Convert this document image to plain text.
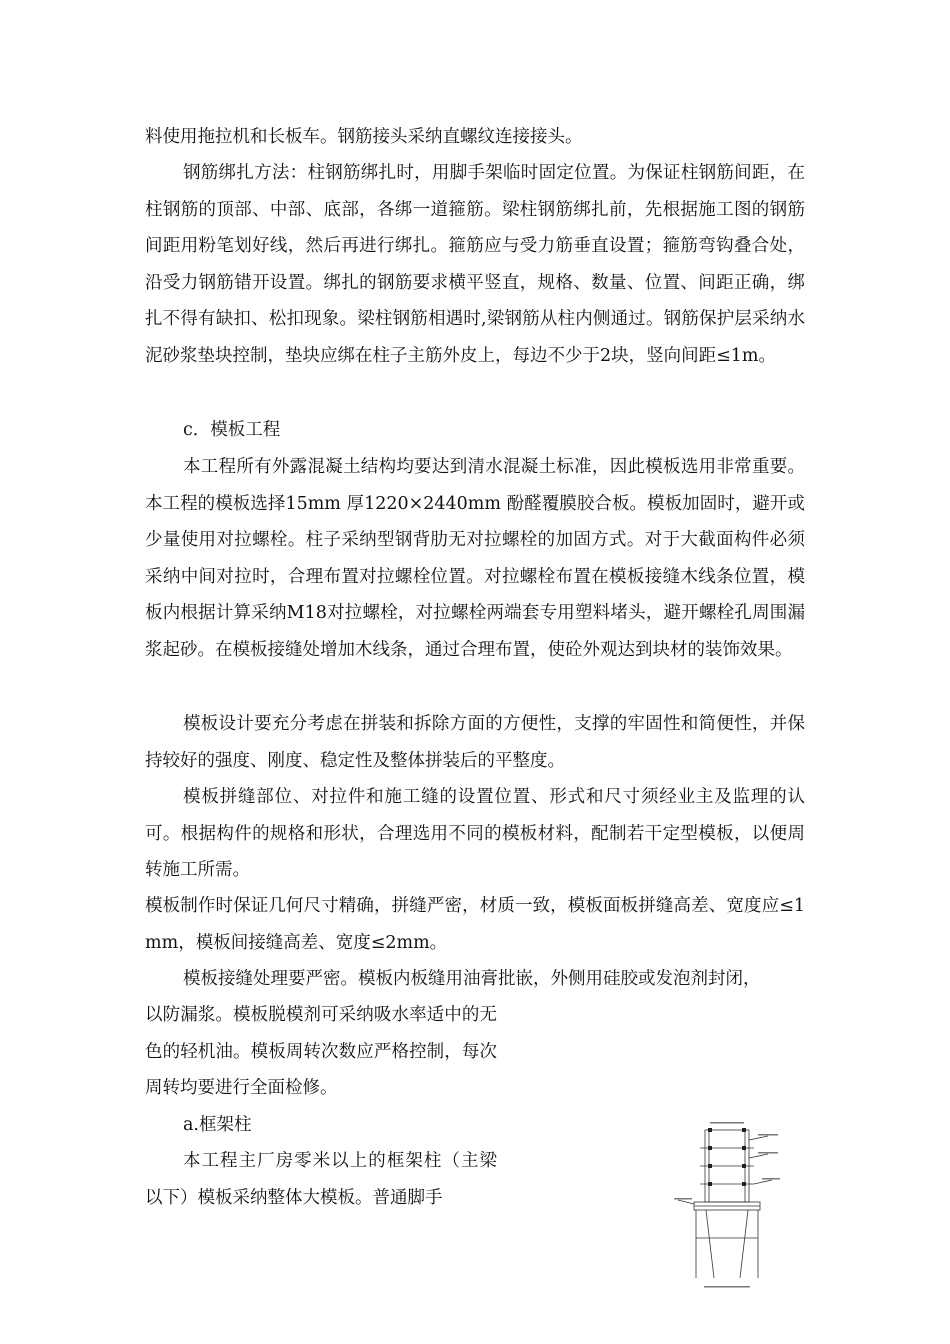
料使用拖拉机和长板车。钢筋接头采纳直螺纹连接接头。

钢筋绑扎方法：柱钢筋绑扎时，用脚手架临时固定位置。为保证柱钢筋间距，在柱钢筋的顶部、中部、底部，各绑一道箍筋。梁柱钢筋绑扎前，先根据施工图的钢筋间距用粉笔划好线，然后再进行绑扎。箍筋应与受力筋垂直设置；箍筋弯钩叠合处，沿受力钢筋错开设置。绑扎的钢筋要求横平竖直，规格、数量、位置、间距正确，绑扎不得有缺扣、松扣现象。梁柱钢筋相遇时,梁钢筋从柱内侧通过。钢筋保护层采纳水泥砂浆垫块控制，垫块应绑在柱子主筋外皮上，每边不少于2块，竖向间距≤1m。

c．模板工程

本工程所有外露混凝土结构均要达到清水混凝土标准，因此模板选用非常重要。本工程的模板选择15mm 厚1220×2440mm 酚醛覆膜胶合板。模板加固时，避开或少量使用对拉螺栓。柱子采纳型钢背肋无对拉螺栓的加固方式。对于大截面构件必须采纳中间对拉时，合理布置对拉螺栓位置。对拉螺栓布置在模板接缝木线条位置，模板内根据计算采纳M18对拉螺栓，对拉螺栓两端套专用塑料堵头，避开螺栓孔周围漏浆起砂。在模板接缝处增加木线条，通过合理布置，使砼外观达到块材的装饰效果。

模板设计要充分考虑在拼装和拆除方面的方便性，支撑的牢固性和简便性，并保持较好的强度、刚度、稳定性及整体拼装后的平整度。

模板拼缝部位、对拉件和施工缝的设置位置、形式和尺寸须经业主及监理的认可。根据构件的规格和形状，合理选用不同的模板材料，配制若干定型模板，以便周转施工所需。

模板制作时保证几何尺寸精确，拼缝严密，材质一致，模板面板拼缝高差、宽度应≤1mm，模板间接缝高差、宽度≤2mm。

模板接缝处理要严密。模板内板缝用油膏批嵌，外侧用硅胶或发泡剂封闭，

以防漏浆。模板脱模剂可采纳吸水率适中的无色的轻机油。模板周转次数应严格控制，每次周转均要进行全面检修。

a.框架柱

本工程主厂房零米以上的框架柱（主梁以下）模板采纳整体大模板。普通脚手
